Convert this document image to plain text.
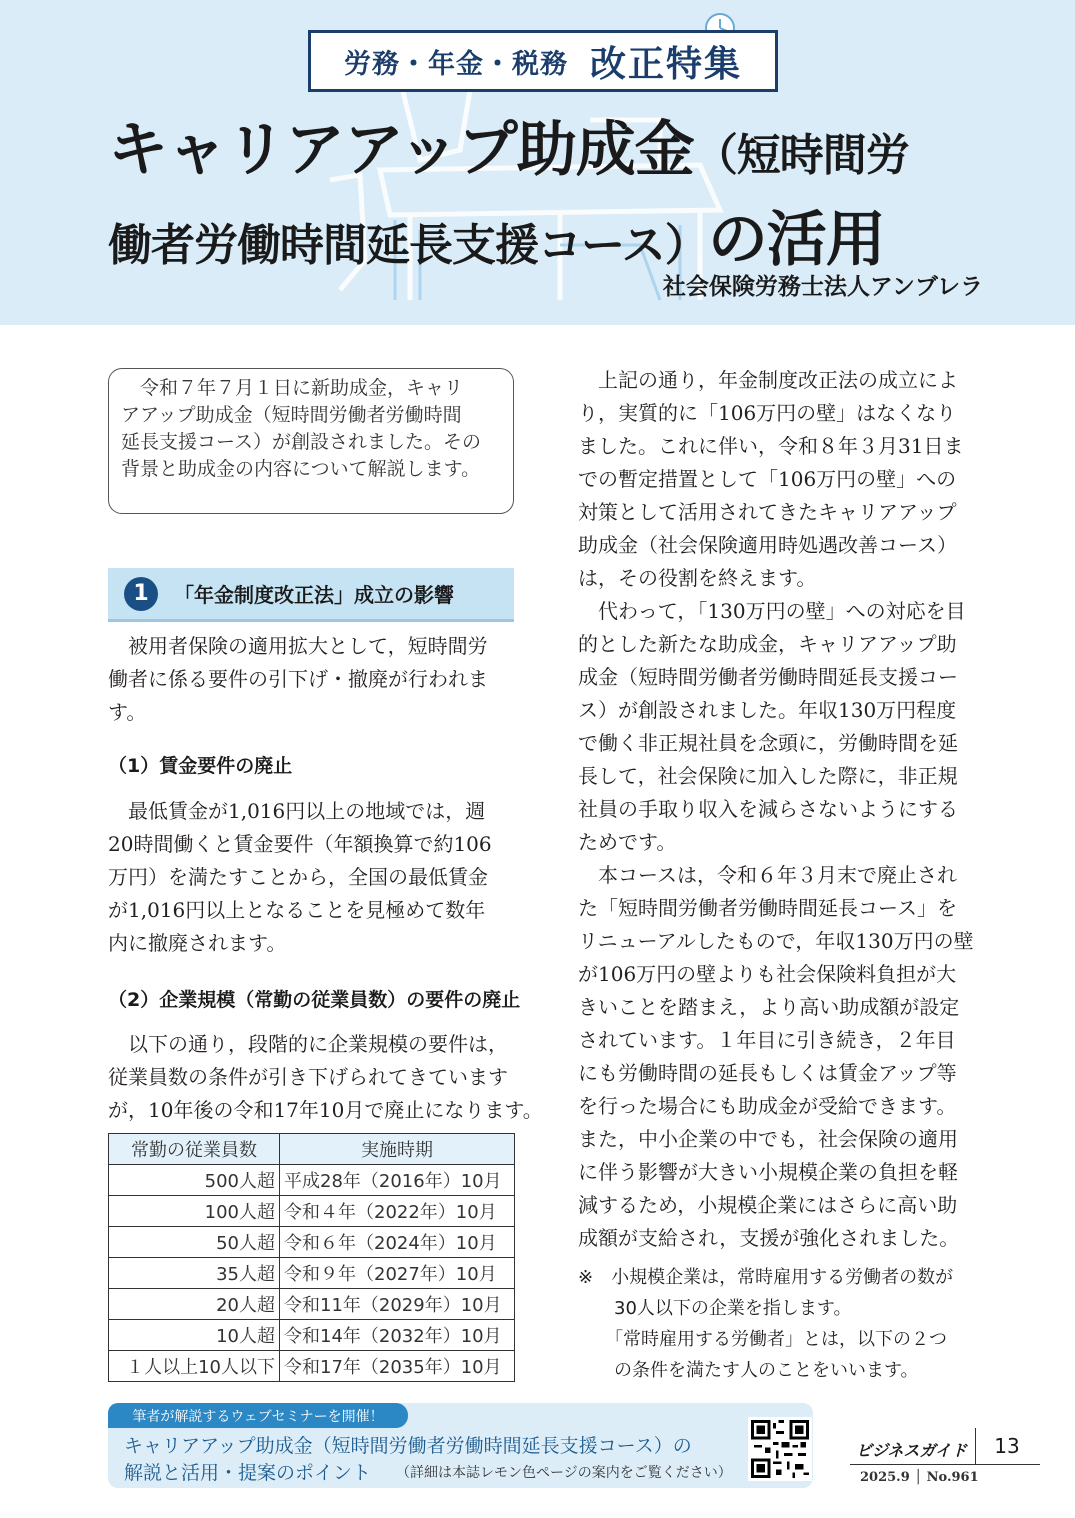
労務・年金・税務 改正特集
キャリアアップ助成金（短時間労
働者労働時間延長支援コース）の活用
社会保険労務士法人アンブレラ
　令和７年７月１日に新助成金，キャリ
アアップ助成金（短時間労働者労働時間
延長支援コース）が創設されました。その
背景と助成金の内容について解説します。
1	「年金制度改正法」成立の影響
　被用者保険の適用拡大として，短時間労
働者に係る要件の引下げ・撤廃が行われま
す。
（1）賃金要件の廃止
　最低賃金が1,016円以上の地域では，週
20時間働くと賃金要件（年額換算で約106
万円）を満たすことから，全国の最低賃金
が1,016円以上となることを見極めて数年
内に撤廃されます。
（2）企業規模（常勤の従業員数）の要件の廃止
　以下の通り，段階的に企業規模の要件は，
従業員数の条件が引き下げられてきています
が，10年後の令和17年10月で廃止になります。
常勤の従業員数	実施時期
500人超	平成28年（2016年）10月
100人超	令和４年（2022年）10月
50人超	令和６年（2024年）10月
35人超	令和９年（2027年）10月
20人超	令和11年（2029年）10月
10人超	令和14年（2032年）10月
１人以上10人以下	令和17年（2035年）10月
　上記の通り，年金制度改正法の成立によ
り，実質的に「106万円の壁」はなくなり
ました。これに伴い，令和８年３月31日ま
での暫定措置として「106万円の壁」への
対策として活用されてきたキャリアアップ
助成金（社会保険適用時処遇改善コース）
は，その役割を終えます。
　代わって，「130万円の壁」への対応を目
的とした新たな助成金，キャリアアップ助
成金（短時間労働者労働時間延長支援コー
ス）が創設されました。年収130万円程度
で働く非正規社員を念頭に，労働時間を延
長して，社会保険に加入した際に，非正規
社員の手取り収入を減らさないようにする
ためです。
　本コースは，令和６年３月末で廃止され
た「短時間労働者労働時間延長コース」を
リニューアルしたもので，年収130万円の壁
が106万円の壁よりも社会保険料負担が大
きいことを踏まえ，より高い助成額が設定
されています。１年目に引き続き，２年目
にも労働時間の延長もしくは賃金アップ等
を行った場合にも助成金が受給できます。
また，中小企業の中でも，社会保険の適用
に伴う影響が大きい小規模企業の負担を軽
減するため，小規模企業にはさらに高い助
成額が支給され，支援が強化されました。
※　小規模企業は，常時雇用する労働者の数が
　　30人以下の企業を指します。
　　「常時雇用する労働者」とは，以下の２つ
　　の条件を満たす人のことをいいます。
筆者が解説するウェブセミナーを開催！
キャリアアップ助成金（短時間労働者労働時間延長支援コース）の
解説と活用・提案のポイント （詳細は本誌レモン色ページの案内をご覧ください）
ビジネスガイド	13
2025.9 │ No.961
